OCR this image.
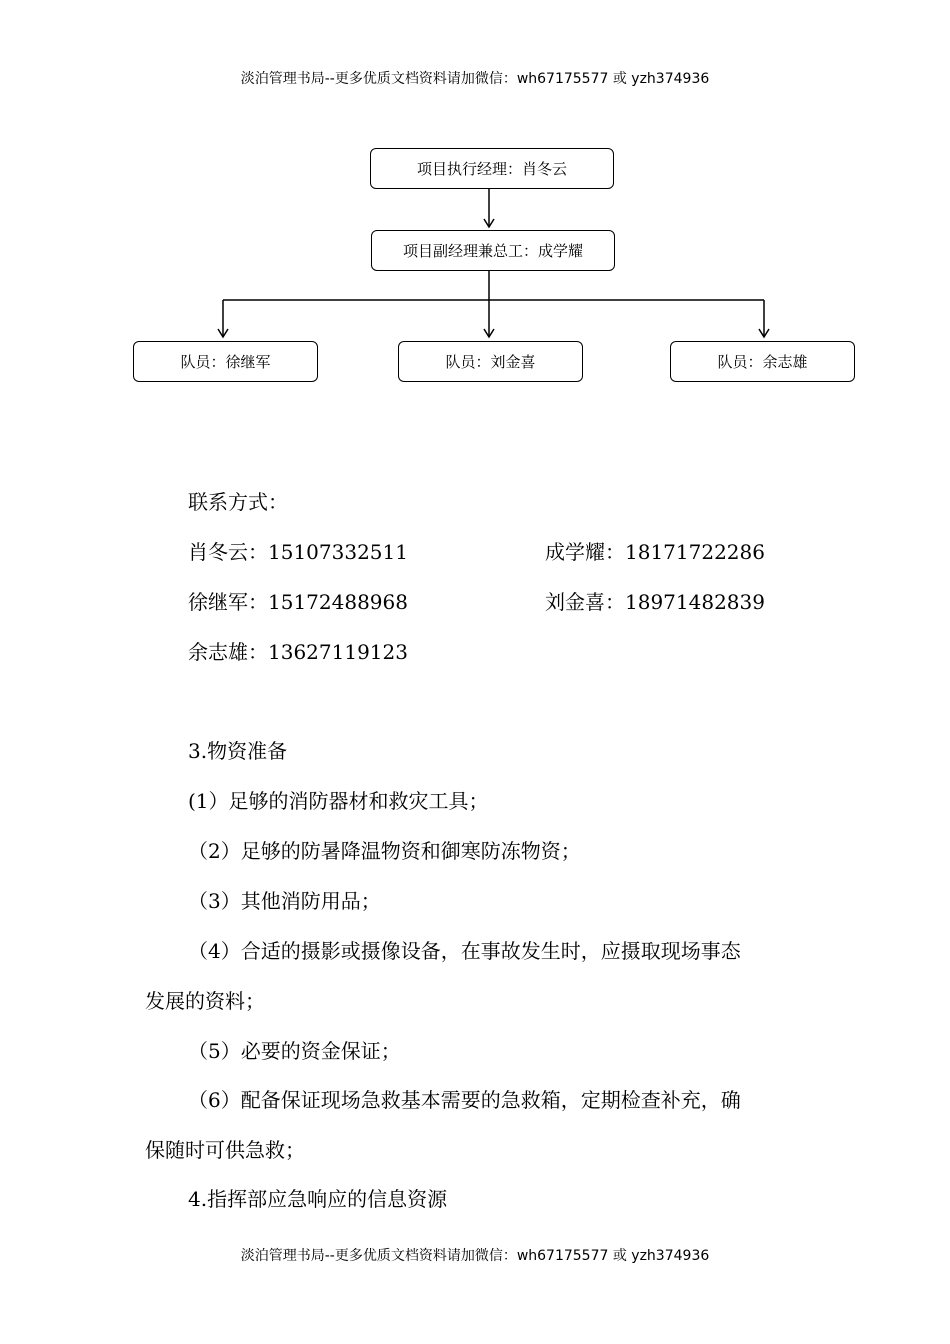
淡泊管理书局--更多优质文档资料请加微信：wh67175577 或 yzh374936
项目执行经理：肖冬云
项目副经理兼总工：成学耀
队员：徐继军	队员：刘金喜	队员：余志雄
联系方式：
肖冬云：15107332511	成学耀：18171722286
徐继军：15172488968	刘金喜：18971482839
余志雄：13627119123
3.物资准备
(1）足够的消防器材和救灾工具；
（2）足够的防暑降温物资和御寒防冻物资；
（3）其他消防用品；
（4）合适的摄影或摄像设备，在事故发生时，应摄取现场事态
发展的资料；
（5）必要的资金保证；
（6）配备保证现场急救基本需要的急救箱，定期检查补充，确
保随时可供急救；
4.指挥部应急响应的信息资源
淡泊管理书局--更多优质文档资料请加微信：wh67175577 或 yzh374936
